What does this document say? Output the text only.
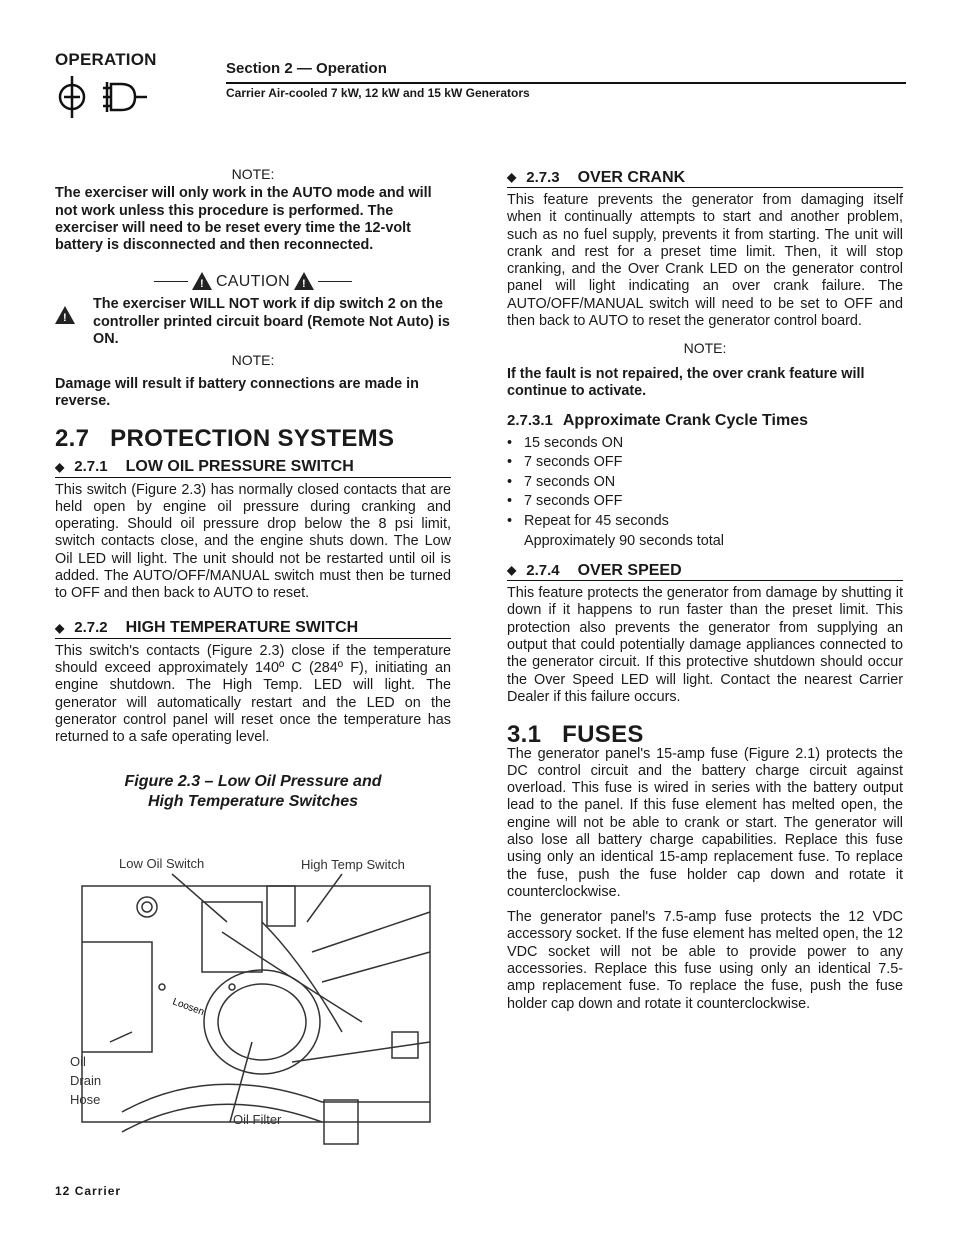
OPERATION	Section 2 — Operation
Carrier Air-cooled 7 kW, 12 kW and 15 kW Generators

NOTE:

The exerciser will only work in the AUTO mode and will not work unless this procedure is performed. The exerciser will need to be reset every time the 12-volt battery is disconnected and then reconnected.

!
CAUTION
!
!

The exerciser WILL NOT work if dip switch 2 on the controller printed circuit board (Remote Not Auto) is ON.

NOTE:

Damage will result if battery connections are made in reverse.

2.7 PROTECTION SYSTEMS
◆ 2.7.1 LOW OIL PRESSURE SWITCH

This switch (Figure 2.3) has normally closed contacts that are held open by engine oil pressure during cranking and operating. Should oil pressure drop below the 8 psi limit, switch contacts close, and the engine shuts down. The Low Oil LED will light. The unit should not be restarted until oil is added. The AUTO/OFF/MANUAL switch must then be turned to OFF and then back to AUTO to reset.

◆ 2.7.2 HIGH TEMPERATURE SWITCH

This switch's contacts (Figure 2.3) close if the temperature should exceed approximately 140º C (284º F), initiating an engine shutdown. The High Temp. LED will light. The generator will automatically restart and the LED on the generator control panel will reset once the temperature has returned to a safe operating level.

Figure 2.3 – Low Oil Pressure and

High Temperature Switches

Loosen
Low Oil Switch	High Temp Switch
Oil
Drain
Hose
Oil Filter
◆ 2.7.3 OVER CRANK

This feature prevents the generator from damaging itself when it continually attempts to start and another problem, such as no fuel supply, prevents it from starting. The unit will crank and rest for a preset time limit. Then, it will stop cranking, and the Over Crank LED on the generator control panel will light indicating an over crank failure. The AUTO/OFF/MANUAL switch will need to be set to OFF and then back to AUTO to reset the generator control board.

NOTE:

If the fault is not repaired, the over crank feature will continue to activate.

2.7.3.1 Approximate Crank Cycle Times
• 15 seconds ON
• 7 seconds OFF
• 7 seconds ON
• 7 seconds OFF
• Repeat for 45 seconds
Approximately 90 seconds total
◆ 2.7.4 OVER SPEED

This feature protects the generator from damage by shutting it down if it happens to run faster than the preset limit. This protection also prevents the generator from supplying an output that could potentially damage appliances connected to the generator circuit. If this protective shutdown should occur the Over Speed LED will light. Contact the nearest Carrier Dealer if this failure occurs.

3.1 FUSES

The generator panel's 15-amp fuse (Figure 2.1) protects the DC control circuit and the battery charge circuit against overload. This fuse is wired in series with the battery output lead to the panel. If this fuse element has melted open, the engine will not be able to crank or start. The generator will also lose all battery charge capabilities. Replace this fuse using only an identical 15-amp replacement fuse. To replace the fuse, push the fuse holder cap down and rotate it counterclockwise.

The generator panel's 7.5-amp fuse protects the 12 VDC accessory socket. If the fuse element has melted open, the 12 VDC socket will not be able to provide power to any accessories. Replace this fuse using only an identical 7.5-amp replacement fuse. To replace the fuse, push the fuse holder cap down and rotate it counterclockwise.

12 Carrier
